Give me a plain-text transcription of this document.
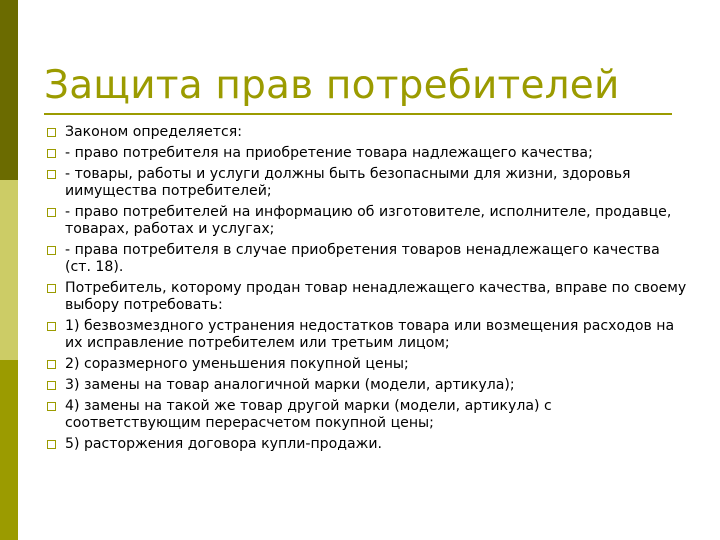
Защита прав потребителей
Законом определяется:
- право потребителя на приобретение товара надлежащего качества;
- товары, работы и услуги должны быть безопасными для жизни, здоровья иимущества потребителей;
- право потребителей на информацию об изготовителе, исполнителе, продавце, товарах, работах и услугах;
- права потребителя в случае приобретения товаров ненадлежащего качества (ст. 18).
Потребитель, которому продан товар ненадлежащего качества, вправе по своему выбору потребовать:
1) безвозмездного устранения недостатков товара или возмещения расходов на их исправление потребителем или третьим лицом;
2) соразмерного уменьшения покупной цены;
3) замены на товар аналогичной марки (модели, артикула);
4) замены на такой же товар другой марки (модели, артикула) с соответствующим перерасчетом покупной цены;
5) расторжения договора купли-продажи.
